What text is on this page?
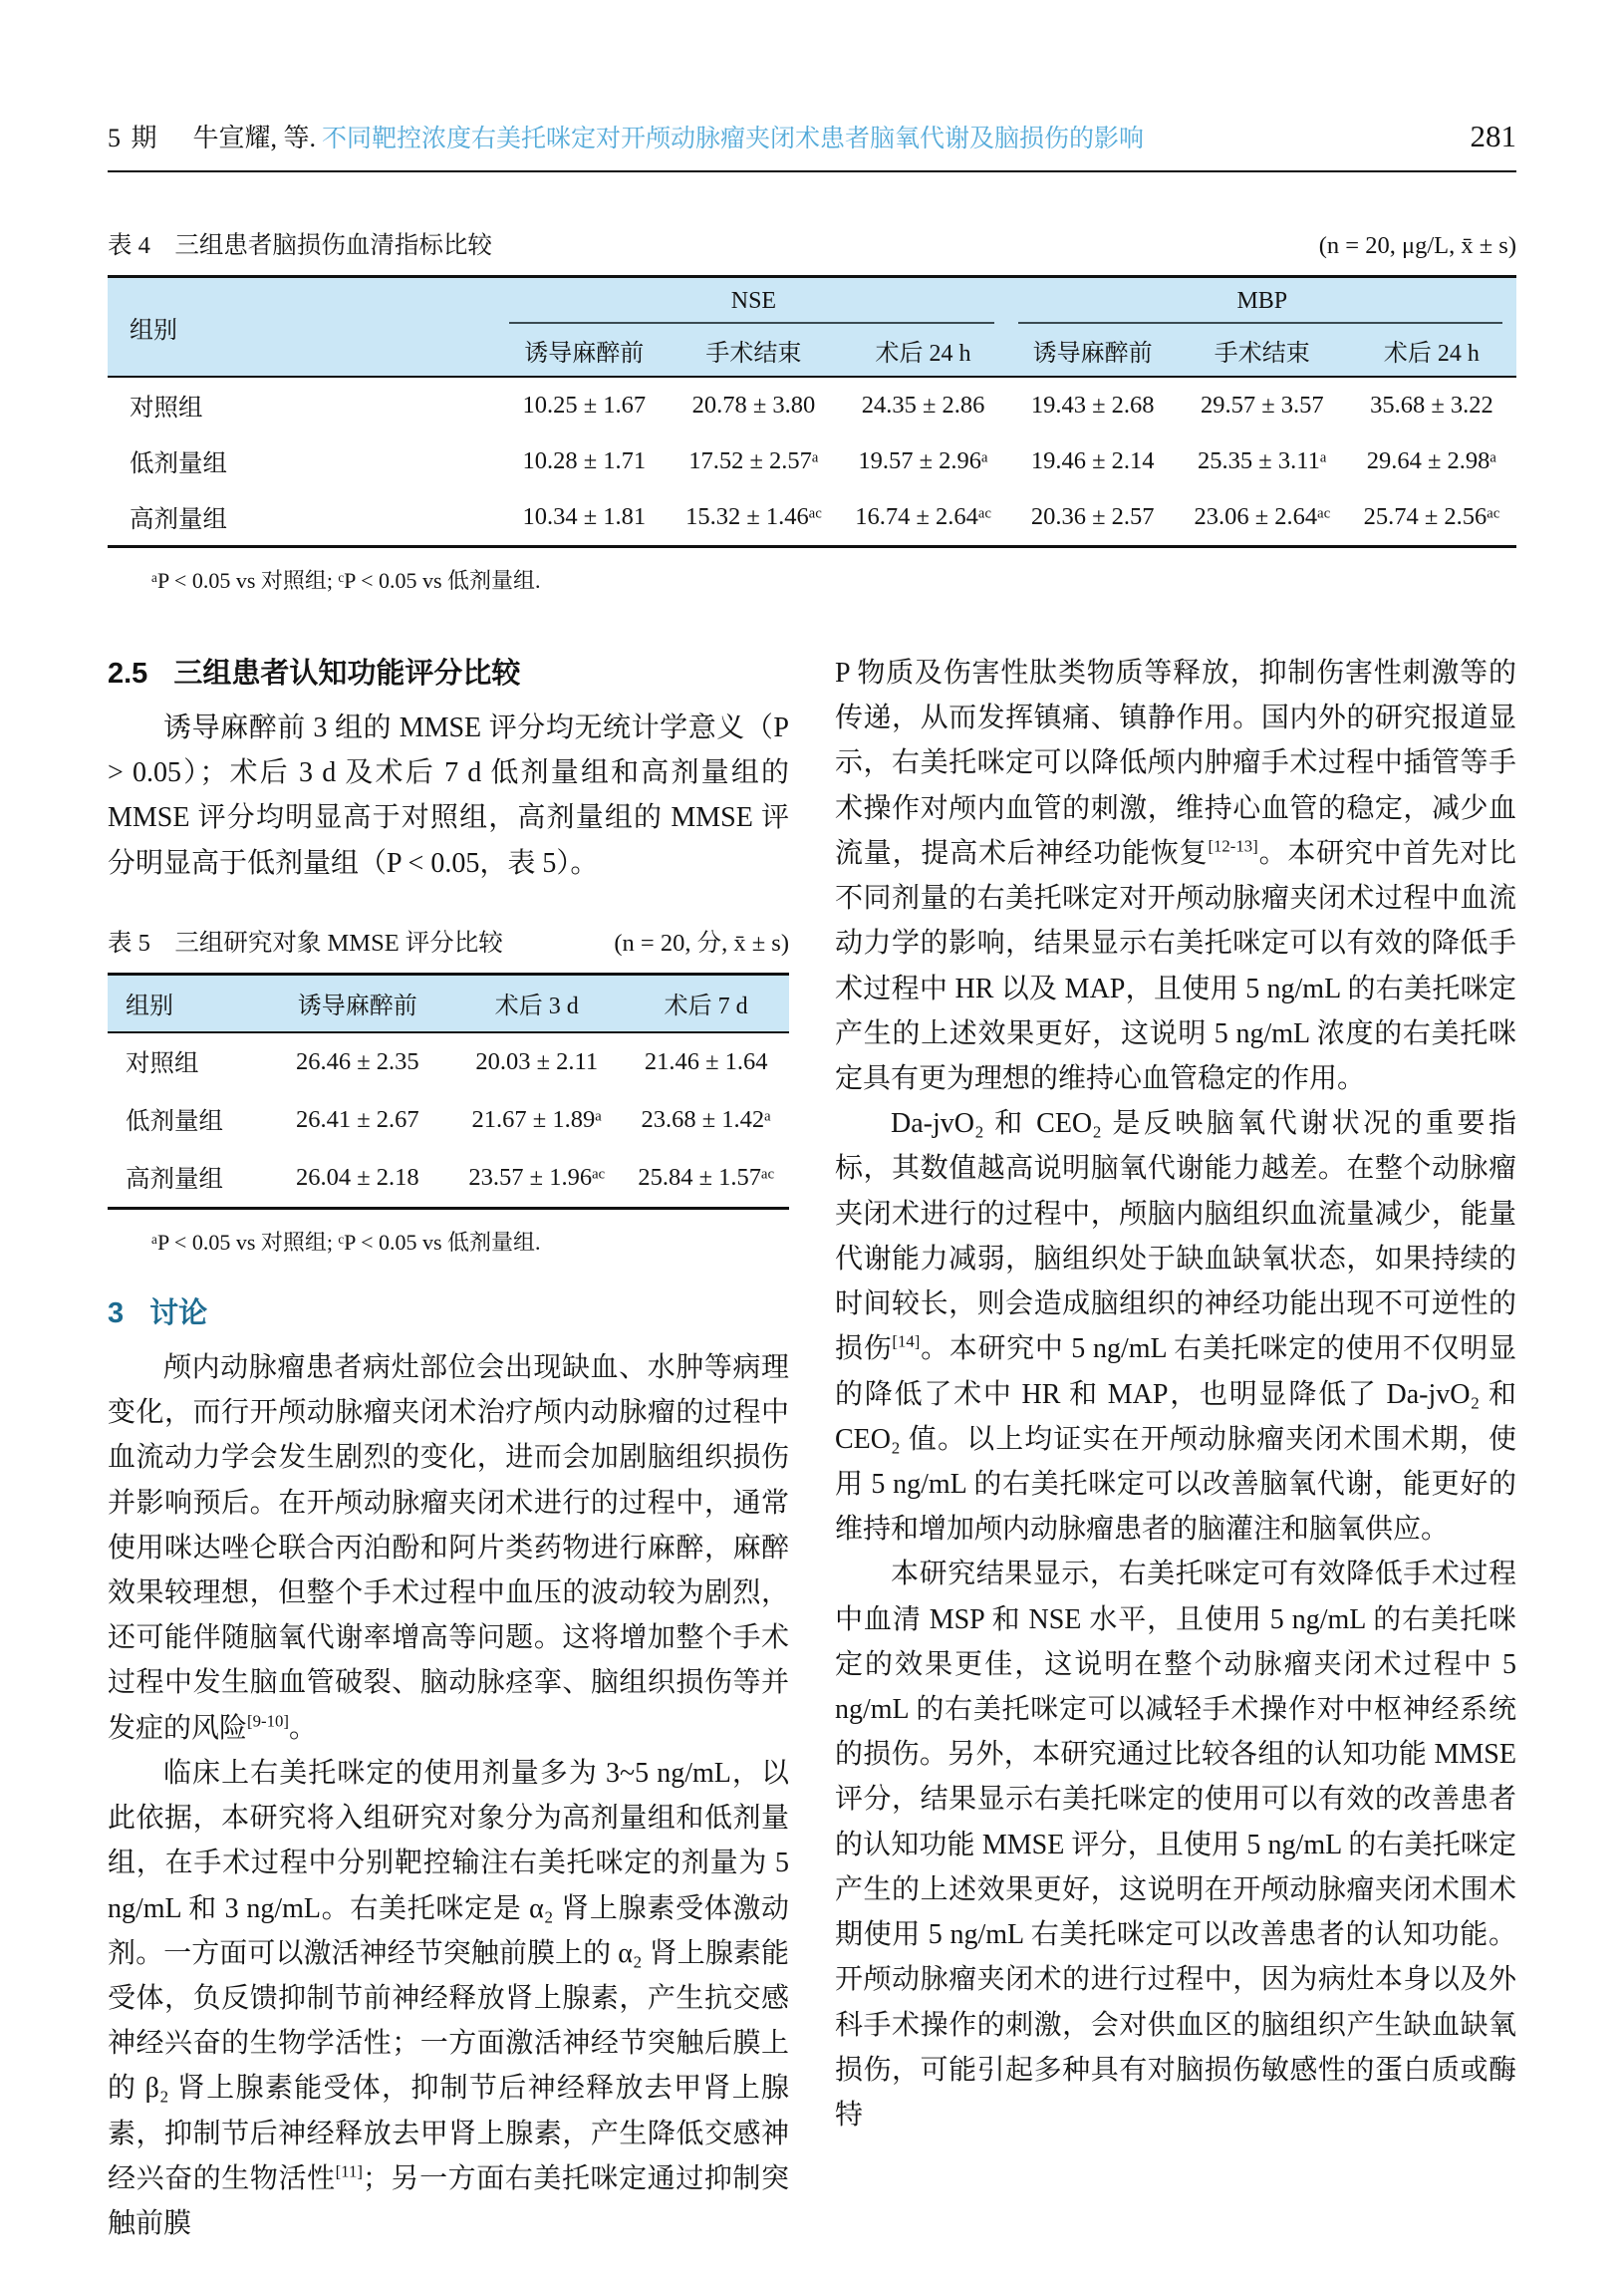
5 期 牛宣耀, 等. 不同靶控浓度右美托咪定对开颅动脉瘤夹闭术患者脑氧代谢及脑损伤的影响	281
表 4　三组患者脑损伤血清指标比较	(n = 20, μg/L, x̄ ± s)
组别	NSE			MBP		
	诱导麻醉前	手术结束	术后 24 h	诱导麻醉前	手术结束	术后 24 h
对照组	10.25 ± 1.67	20.78 ± 3.80	24.35 ± 2.86	19.43 ± 2.68	29.57 ± 3.57	35.68 ± 3.22
低剂量组	10.28 ± 1.71	17.52 ± 2.57ᵃ	19.57 ± 2.96ᵃ	19.46 ± 2.14	25.35 ± 3.11ᵃ	29.64 ± 2.98ᵃ
高剂量组	10.34 ± 1.81	15.32 ± 1.46ᵃᶜ	16.74 ± 2.64ᵃᶜ	20.36 ± 2.57	23.06 ± 2.64ᵃᶜ	25.74 ± 2.56ᵃᶜ
ᵃP < 0.05 vs 对照组; ᶜP < 0.05 vs 低剂量组.
2.5 三组患者认知功能评分比较

诱导麻醉前 3 组的 MMSE 评分均无统计学意义（P > 0.05）；术后 3 d 及术后 7 d 低剂量组和高剂量组的 MMSE 评分均明显高于对照组，高剂量组的 MMSE 评分明显高于低剂量组（P < 0.05，表 5）。

表 5　三组研究对象 MMSE 评分比较	(n = 20, 分, x̄ ± s)
组别	诱导麻醉前	术后 3 d	术后 7 d
对照组	26.46 ± 2.35	20.03 ± 2.11	21.46 ± 1.64
低剂量组	26.41 ± 2.67	21.67 ± 1.89ᵃ	23.68 ± 1.42ᵃ
高剂量组	26.04 ± 2.18	23.57 ± 1.96ᵃᶜ	25.84 ± 1.57ᵃᶜ
ᵃP < 0.05 vs 对照组; ᶜP < 0.05 vs 低剂量组.
3 讨论

颅内动脉瘤患者病灶部位会出现缺血、水肿等病理变化，而行开颅动脉瘤夹闭术治疗颅内动脉瘤的过程中血流动力学会发生剧烈的变化，进而会加剧脑组织损伤并影响预后。在开颅动脉瘤夹闭术进行的过程中，通常使用咪达唑仑联合丙泊酚和阿片类药物进行麻醉，麻醉效果较理想，但整个手术过程中血压的波动较为剧烈，还可能伴随脑氧代谢率增高等问题。这将增加整个手术过程中发生脑血管破裂、脑动脉痉挛、脑组织损伤等并发症的风险[9-10]。

临床上右美托咪定的使用剂量多为 3~5 ng/mL，以此依据，本研究将入组研究对象分为高剂量组和低剂量组，在手术过程中分别靶控输注右美托咪定的剂量为 5 ng/mL 和 3 ng/mL。右美托咪定是 α₂ 肾上腺素受体激动剂。一方面可以激活神经节突触前膜上的 α₂ 肾上腺素能受体，负反馈抑制节前神经释放肾上腺素，产生抗交感神经兴奋的生物学活性；一方面激活神经节突触后膜上的 β₂ 肾上腺素能受体，抑制节后神经释放去甲肾上腺素，抑制节后神经释放去甲肾上腺素，产生降低交感神经兴奋的生物活性[11]；另一方面右美托咪定通过抑制突触前膜

P 物质及伤害性肽类物质等释放，抑制伤害性刺激等的传递，从而发挥镇痛、镇静作用。国内外的研究报道显示，右美托咪定可以降低颅内肿瘤手术过程中插管等手术操作对颅内血管的刺激，维持心血管的稳定，减少血流量，提高术后神经功能恢复[12-13]。本研究中首先对比不同剂量的右美托咪定对开颅动脉瘤夹闭术过程中血流动力学的影响，结果显示右美托咪定可以有效的降低手术过程中 HR 以及 MAP，且使用 5 ng/mL 的右美托咪定产生的上述效果更好，这说明 5 ng/mL 浓度的右美托咪定具有更为理想的维持心血管稳定的作用。

Da-jvO₂ 和 CEO₂ 是反映脑氧代谢状况的重要指标，其数值越高说明脑氧代谢能力越差。在整个动脉瘤夹闭术进行的过程中，颅脑内脑组织血流量减少，能量代谢能力减弱，脑组织处于缺血缺氧状态，如果持续的时间较长，则会造成脑组织的神经功能出现不可逆性的损伤[14]。本研究中 5 ng/mL 右美托咪定的使用不仅明显的降低了术中 HR 和 MAP，也明显降低了 Da-jvO₂ 和 CEO₂ 值。以上均证实在开颅动脉瘤夹闭术围术期，使用 5 ng/mL 的右美托咪定可以改善脑氧代谢，能更好的维持和增加颅内动脉瘤患者的脑灌注和脑氧供应。

本研究结果显示，右美托咪定可有效降低手术过程中血清 MSP 和 NSE 水平，且使用 5 ng/mL 的右美托咪定的效果更佳，这说明在整个动脉瘤夹闭术过程中 5 ng/mL 的右美托咪定可以减轻手术操作对中枢神经系统的损伤。另外，本研究通过比较各组的认知功能 MMSE 评分，结果显示右美托咪定的使用可以有效的改善患者的认知功能 MMSE 评分，且使用 5 ng/mL 的右美托咪定产生的上述效果更好，这说明在开颅动脉瘤夹闭术围术期使用 5 ng/mL 右美托咪定可以改善患者的认知功能。开颅动脉瘤夹闭术的进行过程中，因为病灶本身以及外科手术操作的刺激，会对供血区的脑组织产生缺血缺氧损伤，可能引起多种具有对脑损伤敏感性的蛋白质或酶特
